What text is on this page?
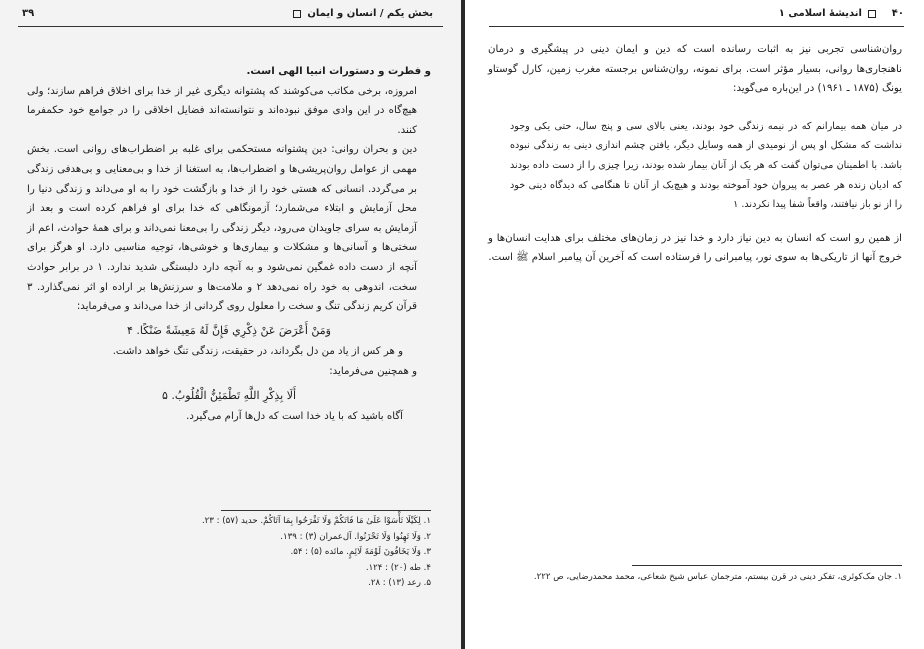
بخش یکم / انسان و ایمان
۳۹

و فطرت و دستورات انبیا الهی است.

امروزه، برخی مکاتب می‌کوشند که پشتوانه دیگری غیر از خدا برای اخلاق فراهم سازند؛ ولی هیچ‌گاه در این وادی موفق نبوده‌اند و نتوانسته‌اند فضایل اخلاقی را در جوامع خود حکمفرما کنند.

دین و بحران روانی: دین پشتوانه مستحکمی برای غلبه بر اضطراب‌های روانی است. بخش مهمی از عوامل روان‌پریشی‌ها و اضطراب‌ها، به استغنا از خدا و بی‌معنایی و بی‌هدفی زندگی بر می‌گردد. انسانی که هستی خود را از خدا و بازگشت خود را به او می‌داند و زندگی دنیا را محل آزمایش و ابتلاء می‌شمارد؛ آزمونگاهی که خدا برای او فراهم کرده است و بعد از آزمایش به سرای جاویدان می‌رود، دیگر زندگی را بی‌معنا نمی‌داند و برای همهٔ حوادث، اعم از سختی‌ها و آسانی‌ها و مشکلات و بیماری‌ها و خوشی‌ها، توجیه مناسبی دارد. او هرگز برای آنچه از دست داده غمگین نمی‌شود و به آنچه دارد دلبستگی شدید ندارد. ۱ در برابر حوادث سخت، اندوهی به خود راه نمی‌دهد ۲ و ملامت‌ها و سرزنش‌ها بر اراده او اثر نمی‌گذارد. ۳ قرآن کریم زندگی تنگ و سخت را معلول روی گردانی از خدا می‌داند و می‌فرماید:

وَمَنْ أَعْرَضَ عَنْ ذِكْرِي فَإِنَّ لَهُ مَعِيشَةً ضَنْكًا. ۴

و هر کس از یاد من دل بگرداند، در حقیقت، زندگی تنگ خواهد داشت.

و همچنین می‌فرماید:

أَلَا بِذِكْرِ اللَّهِ تَطْمَئِنُّ الْقُلُوبُ. ۵

آگاه باشید که با یاد خدا است که دل‌ها آرام می‌گیرد.

۱. لِكَيْلَا تَأْسَوْا عَلَىٰ مَا فَاتَكُمْ وَلَا تَفْرَحُوا بِمَا آتَاكُمْ. حدید (۵۷) : ۲۳.
۲. وَلَا تَهِنُوا وَلَا تَحْزَنُوا. آل‌عمران (۳) : ۱۳۹.
۳. وَلَا يَخَافُونَ لَوْمَةَ لَائِمٍ. مائده (۵) : ۵۴.
۴. طه (۲۰) : ۱۲۴.
۵. رعد (۱۳) : ۲۸.
۴۰
اندیشهٔ اسلامی ۱

روان‌شناسی تجربی نیز به اثبات رسانده است که دین و ایمان دینی در پیشگیری و درمان ناهنجاری‌ها روانی، بسیار مؤثر است. برای نمونه، روان‌شناس برجسته مغرب زمین، کارل گوستاو یونگ (۱۸۷۵ ـ ۱۹۶۱) در این‌باره می‌گوید:

در میان همه بیمارانم که در نیمه زندگی خود بودند، یعنی بالای سی و پنج سال، حتی یکی وجود نداشت که مشکل او پس از نومیدی از همه وسایل دیگر، یافتن چشم اندازی دینی به زندگی نبوده باشد. با اطمینان می‌توان گفت که هر یک از آنان بیمار شده بودند، زیرا چیزی را از دست داده بودند که ادیان زنده هر عصر به پیروان خود آموخته بودند و هیچ‌یک از آنان تا هنگامی که دیدگاه دینی خود را از نو باز نیافتند، واقعاً شفا پیدا نکردند. ۱

از همین رو است که انسان به دین نیاز دارد و خدا نیز در زمان‌های مختلف برای هدایت انسان‌ها و خروج آنها از تاریکی‌ها به سوی نور، پیامبرانی را فرستاده است که آخرین آن پیامبر اسلام ﷺ است.

۱. جان مک‌کوئری، تفکر دینی در قرن بیستم، مترجمان عباس شیخ شعاعی، محمد محمدرضایی، ص ۲۲۲.
